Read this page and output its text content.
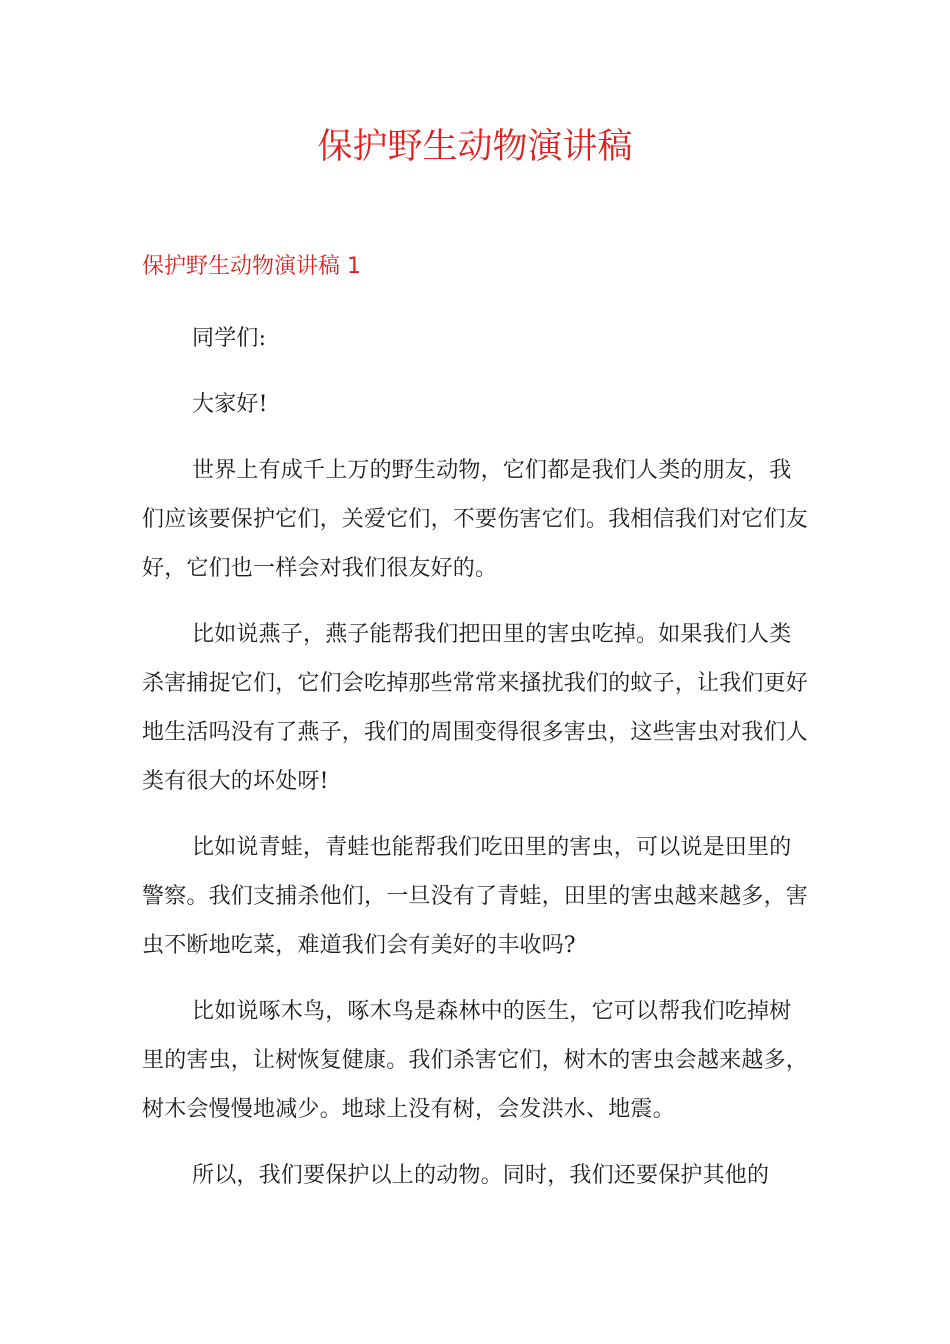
保护野生动物演讲稿
保护野生动物演讲稿 1

同学们:

大家好!

世界上有成千上万的野生动物，它们都是我们人类的朋友，我们应该要保护它们，关爱它们，不要伤害它们。我相信我们对它们友好，它们也一样会对我们很友好的。

比如说燕子，燕子能帮我们把田里的害虫吃掉。如果我们人类杀害捕捉它们，它们会吃掉那些常常来搔扰我们的蚊子，让我们更好地生活吗没有了燕子，我们的周围变得很多害虫，这些害虫对我们人类有很大的坏处呀!

比如说青蛙，青蛙也能帮我们吃田里的害虫，可以说是田里的警察。我们支捕杀他们，一旦没有了青蛙，田里的害虫越来越多，害虫不断地吃菜，难道我们会有美好的丰收吗?

比如说啄木鸟，啄木鸟是森林中的医生，它可以帮我们吃掉树里的害虫，让树恢复健康。我们杀害它们，树木的害虫会越来越多，树木会慢慢地减少。地球上没有树，会发洪水、地震。

所以，我们要保护以上的动物。同时，我们还要保护其他的
